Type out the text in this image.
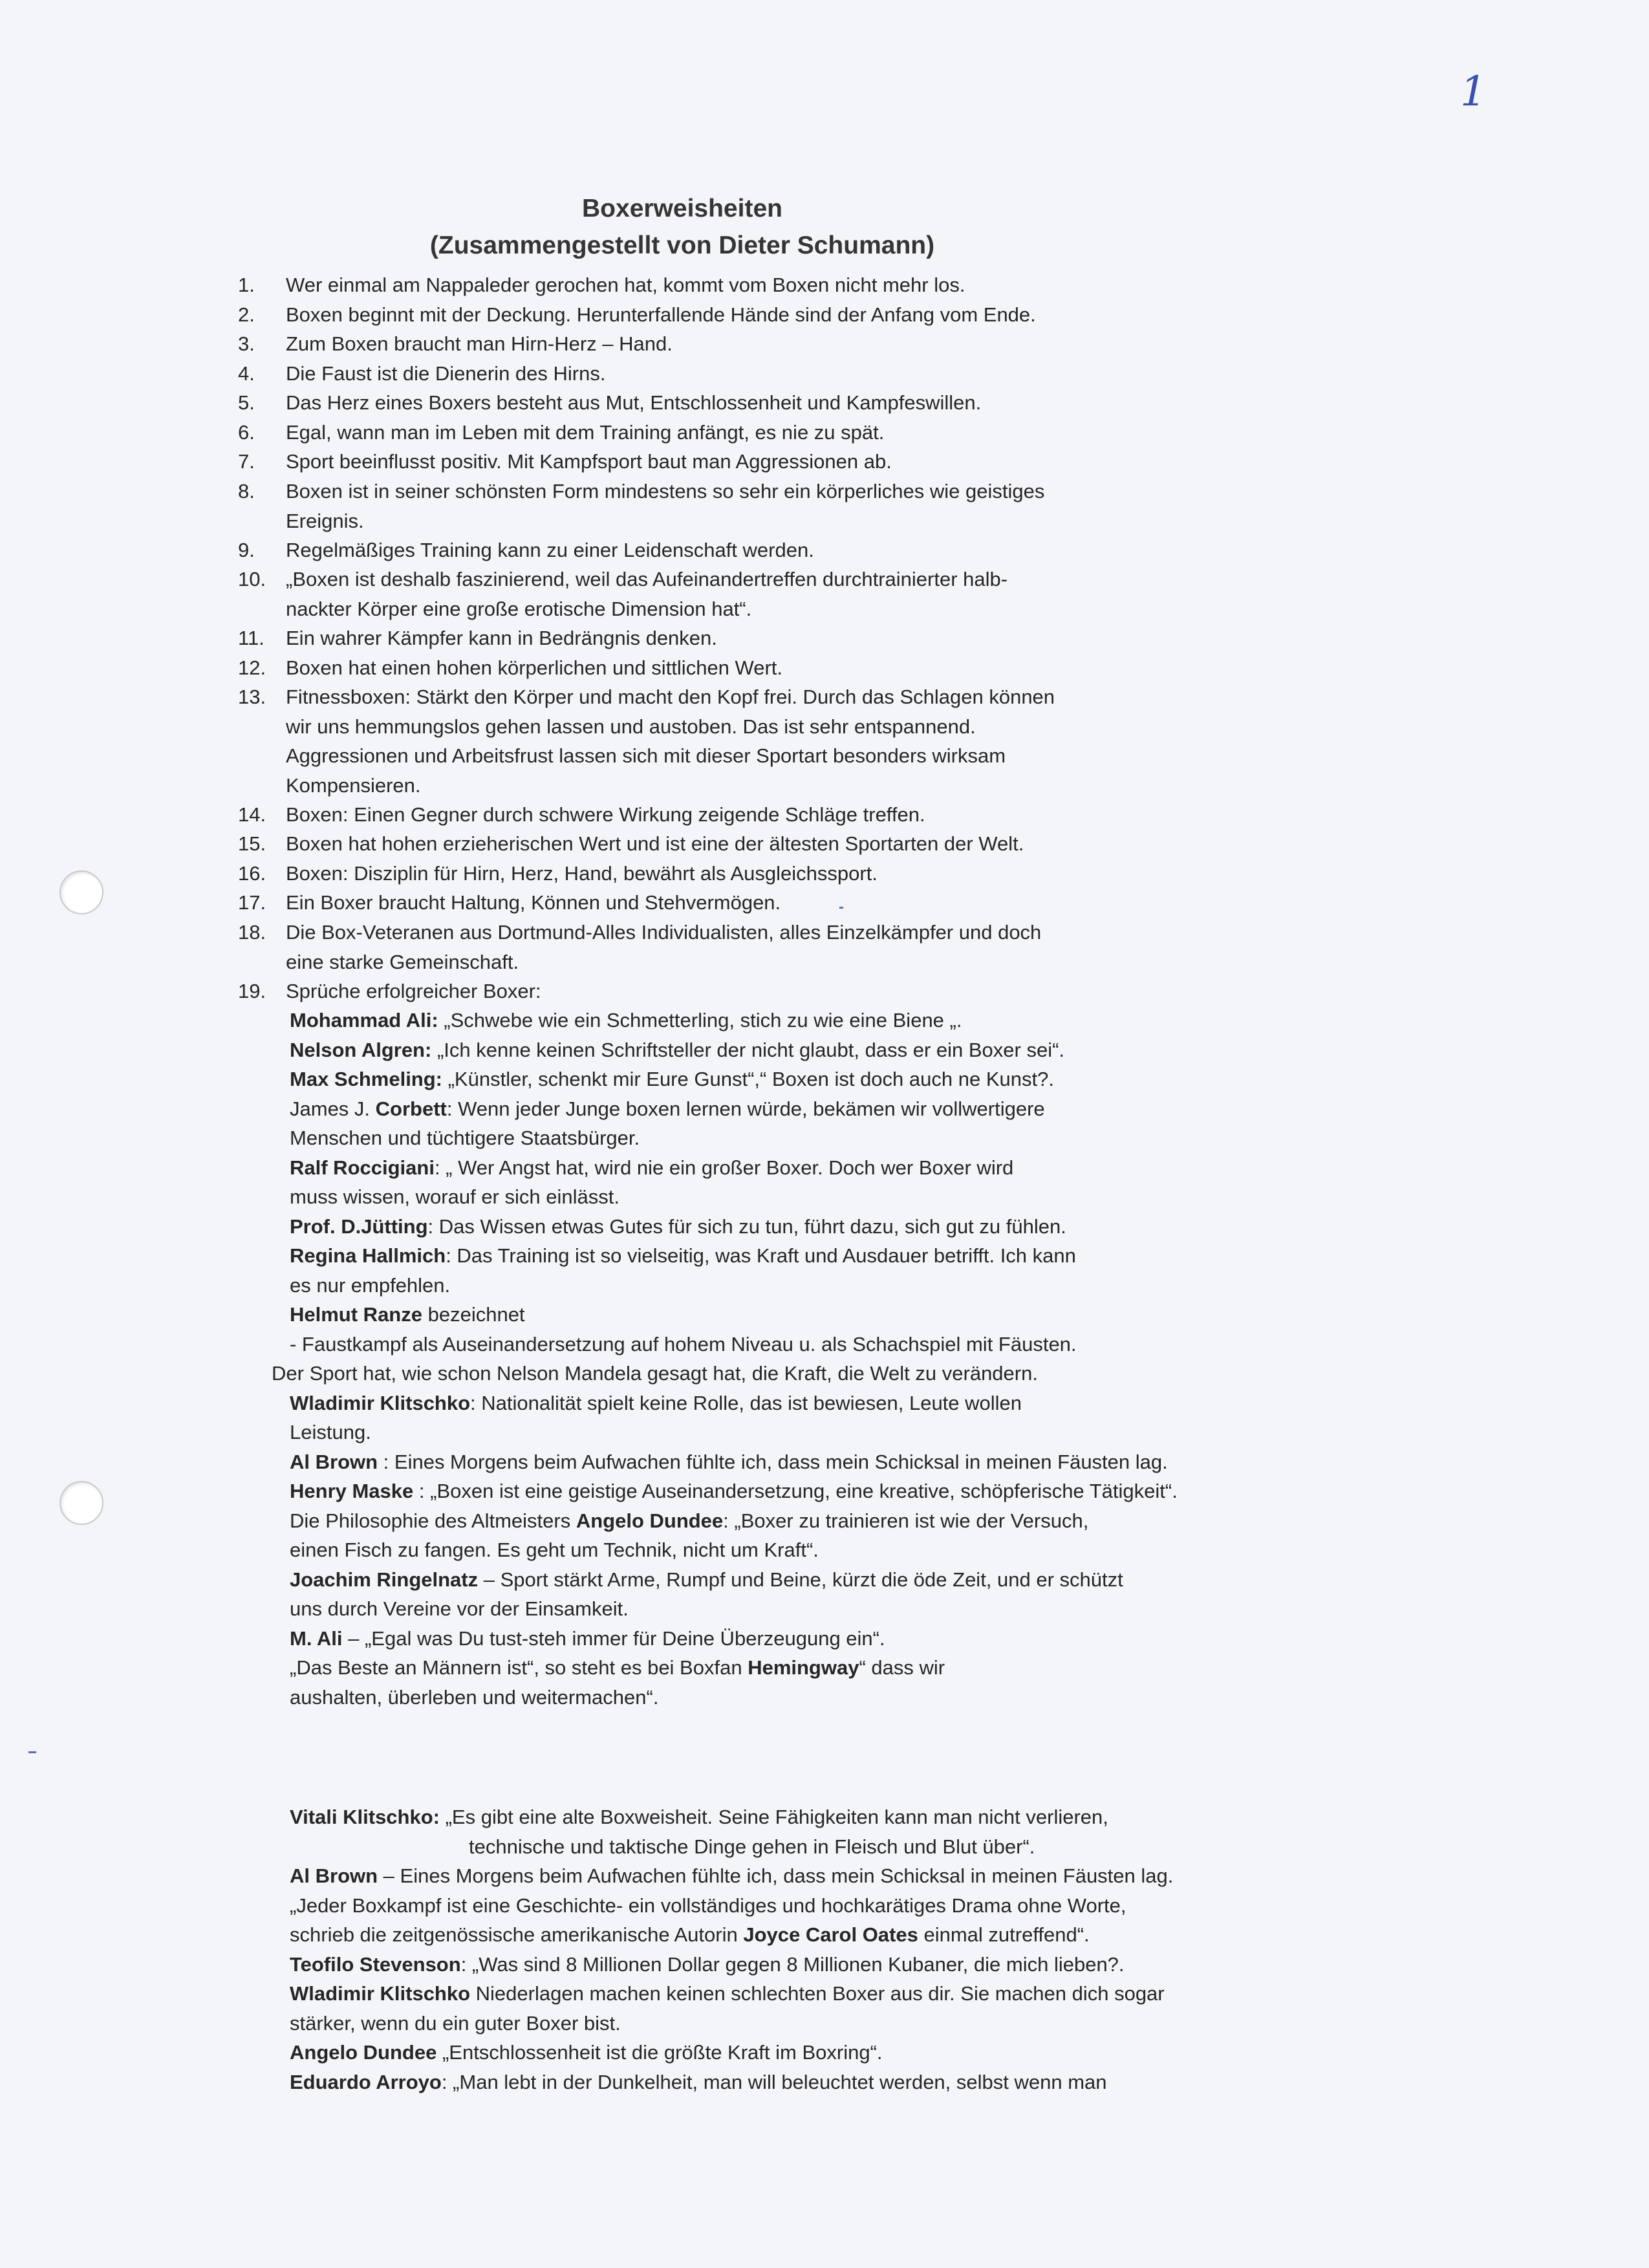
1
Boxerweisheiten
(Zusammengestellt von Dieter Schumann)
1.	Wer einmal am Nappaleder gerochen hat, kommt vom Boxen nicht mehr los.
2.	Boxen beginnt mit der Deckung. Herunterfallende Hände sind der Anfang vom Ende.
3.	Zum Boxen braucht man Hirn-Herz – Hand.
4.	Die Faust ist die Dienerin des Hirns.
5.	Das Herz eines Boxers besteht aus Mut, Entschlossenheit und Kampfeswillen.
6.	Egal, wann man im Leben mit dem Training anfängt, es nie zu spät.
7.	Sport beeinflusst positiv. Mit Kampfsport baut man Aggressionen ab.
8.	Boxen ist in seiner schönsten Form mindestens so sehr ein körperliches wie geistiges
Ereignis.
9.	Regelmäßiges Training kann zu einer Leidenschaft werden.
10. „Boxen ist deshalb faszinierend, weil das Aufeinandertreffen durchtrainierter halb-
nackter Körper eine große erotische Dimension hat“.
11.	Ein wahrer Kämpfer kann in Bedrängnis denken.
12. Boxen hat einen hohen körperlichen und sittlichen Wert.
13. Fitnessboxen: Stärkt den Körper und macht den Kopf frei. Durch das Schlagen können
wir uns hemmungslos gehen lassen und austoben. Das ist sehr entspannend.
Aggressionen und Arbeitsfrust lassen sich mit dieser Sportart besonders wirksam
Kompensieren.
14. Boxen: Einen Gegner durch schwere Wirkung zeigende Schläge treffen.
15. Boxen hat hohen erzieherischen Wert und ist eine der ältesten Sportarten der Welt.
16. Boxen: Disziplin für Hirn, Herz, Hand, bewährt als Ausgleichssport.
17. Ein Boxer braucht Haltung, Können und Stehvermögen.
18. Die Box-Veteranen aus Dortmund-Alles Individualisten, alles Einzelkämpfer und doch
eine starke Gemeinschaft.
19. Sprüche erfolgreicher Boxer:
Mohammad Ali: „Schwebe wie ein Schmetterling, stich zu wie eine Biene „.
Nelson Algren: „Ich kenne keinen Schriftsteller der nicht glaubt, dass er ein Boxer sei“.
Max Schmeling: „Künstler, schenkt mir Eure Gunst“,“ Boxen ist doch auch ne Kunst?.
James J. Corbett: Wenn jeder Junge boxen lernen würde, bekämen wir vollwertigere
Menschen und tüchtigere Staatsbürger.
Ralf Roccigiani: „ Wer Angst hat, wird nie ein großer Boxer. Doch wer Boxer wird
muss wissen, worauf er sich einlässt.
Prof. D.Jütting: Das Wissen etwas Gutes für sich zu tun, führt dazu, sich gut zu fühlen.
Regina Hallmich: Das Training ist so vielseitig, was Kraft und Ausdauer betrifft. Ich kann
es nur empfehlen.
Helmut Ranze bezeichnet
- Faustkampf als Auseinandersetzung auf hohem Niveau u. als Schachspiel mit Fäusten.
Der Sport hat, wie schon Nelson Mandela gesagt hat, die Kraft, die Welt zu verändern.
Wladimir Klitschko: Nationalität spielt keine Rolle, das ist bewiesen, Leute wollen
Leistung.
Al Brown : Eines Morgens beim Aufwachen fühlte ich, dass mein Schicksal in meinen Fäusten lag.
Henry Maske : „Boxen ist eine geistige Auseinandersetzung, eine kreative, schöpferische Tätigkeit“.
Die Philosophie des Altmeisters Angelo Dundee: „Boxer zu trainieren ist wie der Versuch,
einen Fisch zu fangen. Es geht um Technik, nicht um Kraft“.
Joachim Ringelnatz – Sport stärkt Arme, Rumpf und Beine, kürzt die öde Zeit, und er schützt
uns durch Vereine vor der Einsamkeit.
M. Ali – „Egal was Du tust-steh immer für Deine Überzeugung ein“.
„Das Beste an Männern ist“, so steht es bei Boxfan Hemingway“ dass wir
aushalten, überleben und weitermachen“.
Vitali Klitschko: „Es gibt eine alte Boxweisheit. Seine Fähigkeiten kann man nicht verlieren,
technische und taktische Dinge gehen in Fleisch und Blut über“.
Al Brown – Eines Morgens beim Aufwachen fühlte ich, dass mein Schicksal in meinen Fäusten lag.
„Jeder Boxkampf ist eine Geschichte- ein vollständiges und hochkarätiges Drama ohne Worte,
schrieb die zeitgenössische amerikanische Autorin Joyce Carol Oates einmal zutreffend“.
Teofilo Stevenson: „Was sind 8 Millionen Dollar gegen 8 Millionen Kubaner, die mich lieben?.
Wladimir Klitschko Niederlagen machen keinen schlechten Boxer aus dir. Sie machen dich sogar
stärker, wenn du ein guter Boxer bist.
Angelo Dundee „Entschlossenheit ist die größte Kraft im Boxring“.
Eduardo Arroyo: „Man lebt in der Dunkelheit, man will beleuchtet werden, selbst wenn man
